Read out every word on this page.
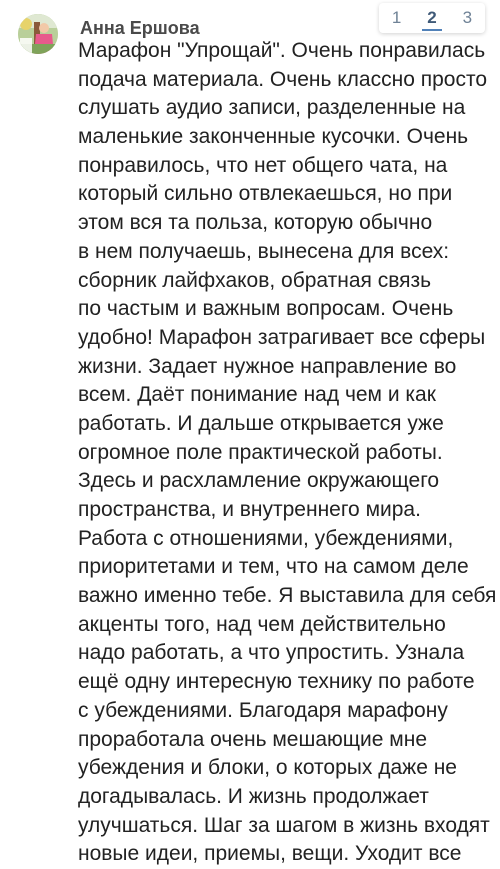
Анна Ершова
1	2	3
Марафон "Упрощай". Очень понравилась
подача материала. Очень классно просто
слушать аудио записи, разделенные на
маленькие законченные кусочки. Очень
понравилось, что нет общего чата, на
который сильно отвлекаешься, но при
этом вся та польза, которую обычно
в нем получаешь, вынесена для всех:
сборник лайфхаков, обратная связь
по частым и важным вопросам. Очень
удобно! Марафон затрагивает все сферы
жизни. Задает нужное направление во
всем. Даёт понимание над чем и как
работать. И дальше открывается уже
огромное поле практической работы.
Здесь и расхламление окружающего
пространства, и внутреннего мира.
Работа с отношениями, убеждениями,
приоритетами и тем, что на самом деле
важно именно тебе. Я выставила для себя
акценты того, над чем действительно
надо работать, а что упростить. Узнала
ещё одну интересную технику по работе
с убеждениями. Благодаря марафону
проработала очень мешающие мне
убеждения и блоки, о которых даже не
догадывалась. И жизнь продолжает
улучшаться. Шаг за шагом в жизнь входят
новые идеи, приемы, вещи. Уходит все
